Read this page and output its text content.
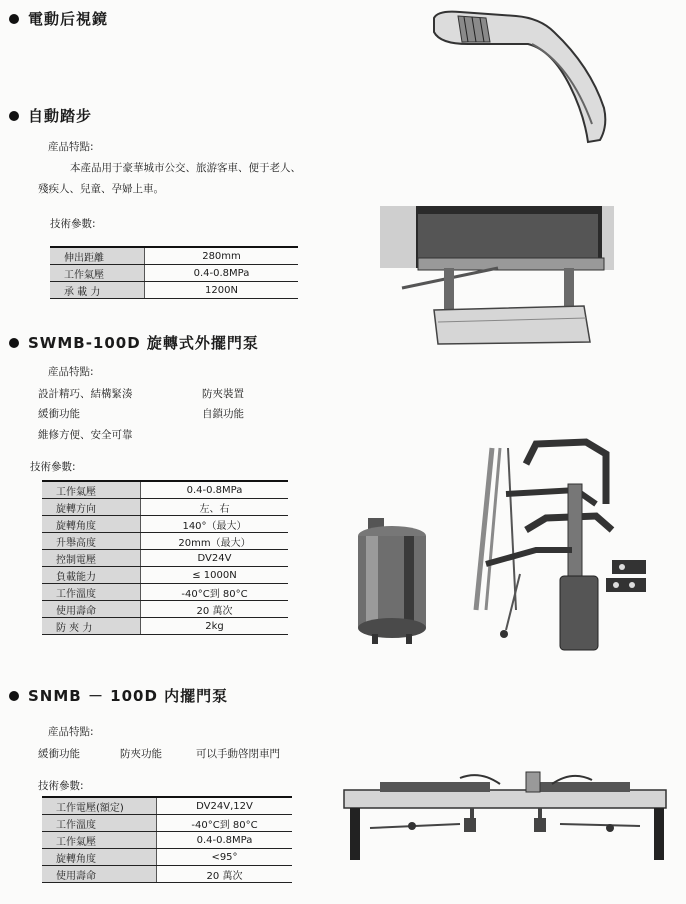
電動后視鏡
自動踏步
産品特點:
本產品用于豪華城市公交、旅游客車、便于老人、
殘疾人、兒童、孕婦上車。
技術參數:
伸出距離	280mm
工作氣壓	0.4-0.8MPa
承 載 力	1200N
SWMB-100D 旋轉式外擺門泵
産品特點:
設計精巧、結構緊湊	防夾裝置
緩衝功能	自鎖功能
維修方便、安全可靠
技術參數:
工作氣壓	0.4-0.8MPa
旋轉方向	左、右
旋轉角度	140°（最大）
升舉高度	20mm（最大）
控制電壓	DV24V
負載能力	≤ 1000N
工作溫度	-40°C到 80°C
使用壽命	20 萬次
防 夾 力	2kg
SNMB － 100D 内擺門泵
産品特點:
緩衝功能	防夾功能	可以手動啓閉車門
技術參數:
工作電壓(額定)	DV24V,12V
工作溫度	-40°C到 80°C
工作氣壓	0.4-0.8MPa
旋轉角度	<95°
使用壽命	20 萬次
